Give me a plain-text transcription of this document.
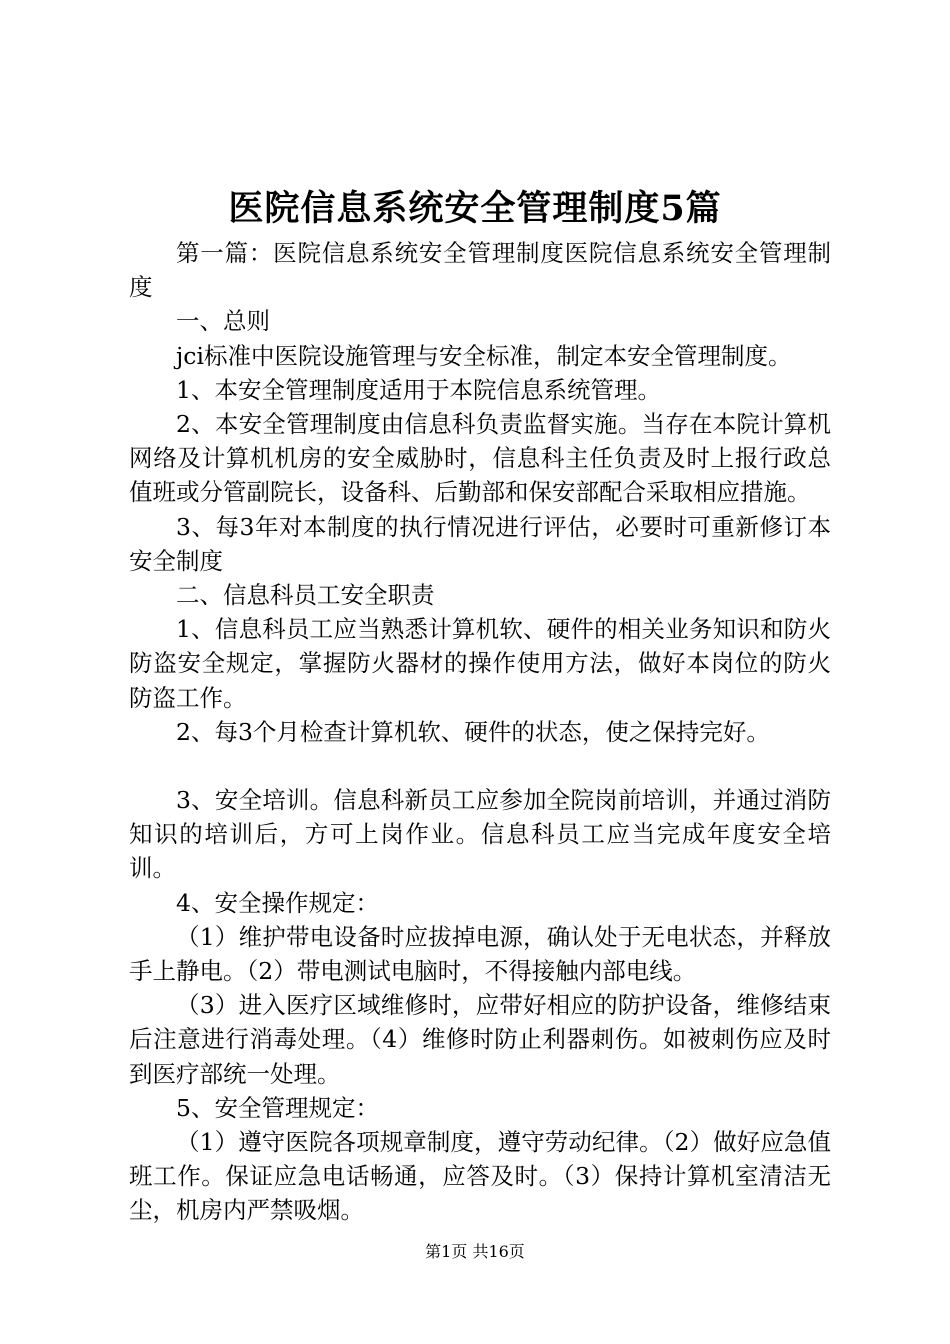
医院信息系统安全管理制度5篇

第一篇：医院信息系统安全管理制度医院信息系统安全管理制度

一、总则

jci标准中医院设施管理与安全标准，制定本安全管理制度。

1、本安全管理制度适用于本院信息系统管理。

2、本安全管理制度由信息科负责监督实施。当存在本院计算机网络及计算机机房的安全威胁时，信息科主任负责及时上报行政总值班或分管副院长，设备科、后勤部和保安部配合采取相应措施。

3、每3年对本制度的执行情况进行评估，必要时可重新修订本安全制度

二、信息科员工安全职责

1、信息科员工应当熟悉计算机软、硬件的相关业务知识和防火防盗安全规定，掌握防火器材的操作使用方法，做好本岗位的防火防盗工作。

2、每3个月检查计算机软、硬件的状态，使之保持完好。

3、安全培训。信息科新员工应参加全院岗前培训，并通过消防知识的培训后，方可上岗作业。信息科员工应当完成年度安全培训。

4、安全操作规定：

（1）维护带电设备时应拔掉电源，确认处于无电状态，并释放手上静电。（2）带电测试电脑时，不得接触内部电线。

（3）进入医疗区域维修时，应带好相应的防护设备，维修结束后注意进行消毒处理。（4）维修时防止利器刺伤。如被刺伤应及时到医疗部统一处理。

5、安全管理规定：

（1）遵守医院各项规章制度，遵守劳动纪律。（2）做好应急值班工作。保证应急电话畅通，应答及时。（3）保持计算机室清洁无尘，机房内严禁吸烟。

第1页 共16页
